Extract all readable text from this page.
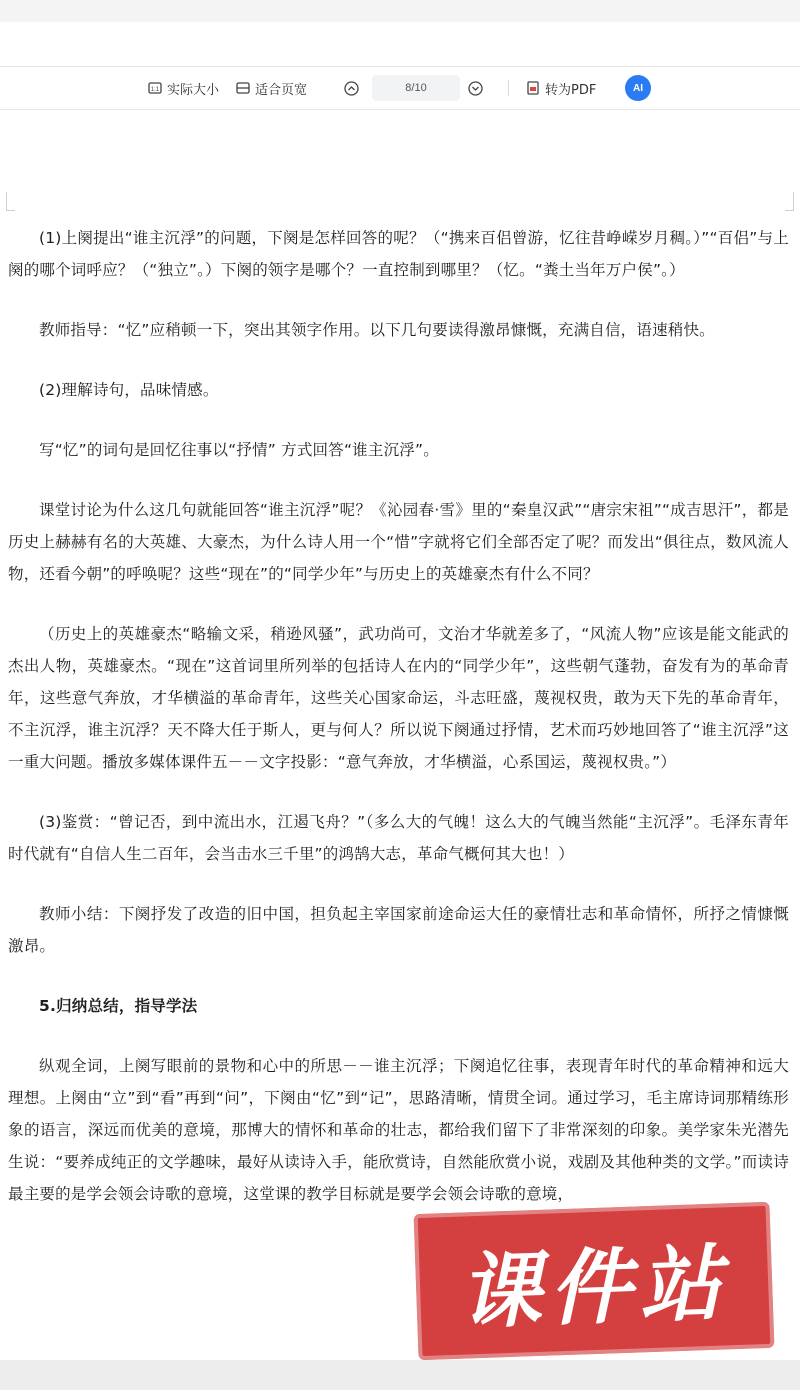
1:1 实际大小	适合页宽	8/10	转为PDF	AI

(1)上阕提出“谁主沉浮”的问题，下阕是怎样回答的呢？（“携来百侣曾游，忆往昔峥嵘岁月稠。）”“百侣”与上阕的哪个词呼应？（“独立”。）下阕的领字是哪个？一直控制到哪里？（忆。“粪土当年万户侯”。）

教师指导：“忆”应稍顿一下，突出其领字作用。以下几句要读得激昂慷慨，充满自信，语速稍快。

(2)理解诗句，品味情感。

写“忆”的词句是回忆往事以“抒情” 方式回答“谁主沉浮”。

课堂讨论为什么这几句就能回答“谁主沉浮”呢？《沁园春·雪》里的“秦皇汉武”“唐宗宋祖”“成吉思汗”，都是历史上赫赫有名的大英雄、大豪杰，为什么诗人用一个“惜”字就将它们全部否定了呢？而发出“俱往点，数风流人物，还看今朝”的呼唤呢？这些“现在”的“同学少年”与历史上的英雄豪杰有什么不同？

（历史上的英雄豪杰“略输文采，稍逊风骚”，武功尚可，文治才华就差多了，“风流人物”应该是能文能武的杰出人物，英雄豪杰。“现在”这首词里所列举的包括诗人在内的“同学少年”，这些朝气蓬勃，奋发有为的革命青年，这些意气奔放，才华横溢的革命青年，这些关心国家命运，斗志旺盛，蔑视权贵，敢为天下先的革命青年，不主沉浮，谁主沉浮？天不降大任于斯人，更与何人？所以说下阕通过抒情，艺术而巧妙地回答了“谁主沉浮”这一重大问题。播放多媒体课件五－－文字投影：“意气奔放，才华横溢，心系国运，蔑视权贵。”）

(3)鉴赏：“曾记否，到中流出水，江遏飞舟？”（多么大的气魄！这么大的气魄当然能“主沉浮”。毛泽东青年时代就有“自信人生二百年，会当击水三千里”的鸿鹄大志，革命气概何其大也！）

教师小结：下阕抒发了改造的旧中国，担负起主宰国家前途命运大任的豪情壮志和革命情怀，所抒之情慷慨激昂。

5.归纳总结，指导学法

纵观全词，上阕写眼前的景物和心中的所思－－谁主沉浮；下阕追忆往事，表现青年时代的革命精神和远大理想。上阕由“立”到“看”再到“问”，下阕由“忆”到“记”，思路清晰，情贯全词。通过学习，毛主席诗词那精练形象的语言，深远而优美的意境，那博大的情怀和革命的壮志，都给我们留下了非常深刻的印象。美学家朱光潜先生说：“要养成纯正的文学趣味，最好从读诗入手，能欣赏诗，自然能欣赏小说，戏剧及其他种类的文学。”而读诗最主要的是学会领会诗歌的意境，这堂课的教学目标就是要学会领会诗歌的意境，

课件站
